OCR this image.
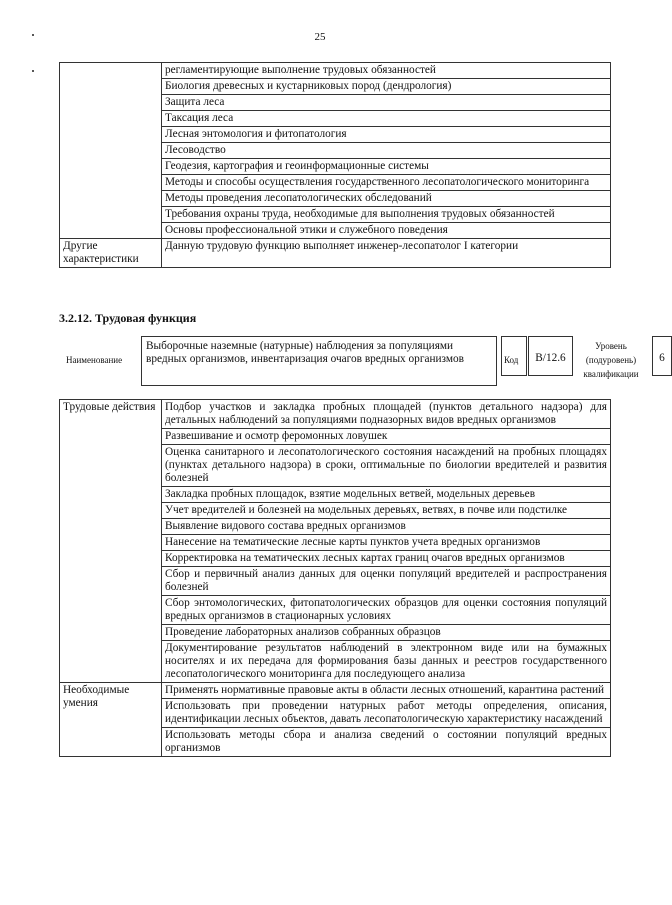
25
	регламентирующие выполнение трудовых обязанностей
	Биология древесных и кустарниковых пород (дендрология)
	Защита леса
	Таксация леса
	Лесная энтомология и фитопатология
	Лесоводство
	Геодезия, картография и геоинформационные системы
	Методы и способы осуществления государственного лесопатологического мониторинга
	Методы проведения лесопатологических обследований
	Требования охраны труда, необходимые для выполнения трудовых обязанностей
	Основы профессиональной этики и служебного поведения
Другие характеристики	Данную трудовую функцию выполняет инженер-лесопатолог I категории
3.2.12. Трудовая функция
Наименование
Выборочные наземные (натурные) наблюдения за популяциями вредных организмов, инвентаризация очагов вредных организмов	Код	B/12.6
Уровень (подуровень) квалификации
6
Трудовые действия	Подбор участков и закладка пробных площадей (пунктов детального надзора) для детальных наблюдений за популяциями подназорных видов вредных организмов
	Развешивание и осмотр феромонных ловушек
	Оценка санитарного и лесопатологического состояния насаждений на пробных площадях (пунктах детального надзора) в сроки, оптимальные по биологии вредителей и развития болезней
	Закладка пробных площадок, взятие модельных ветвей, модельных деревьев
	Учет вредителей и болезней на модельных деревьях, ветвях, в почве или подстилке
	Выявление видового состава вредных организмов
	Нанесение на тематические лесные карты пунктов учета вредных организмов
	Корректировка на тематических лесных картах границ очагов вредных организмов
	Сбор и первичный анализ данных для оценки популяций вредителей и распространения болезней
	Сбор энтомологических, фитопатологических образцов для оценки состояния популяций вредных организмов в стационарных условиях
	Проведение лабораторных анализов собранных образцов
	Документирование результатов наблюдений в электронном виде или на бумажных носителях и их передача для формирования базы данных и реестров государственного лесопатологического мониторинга для последующего анализа
Необходимые умения	Применять нормативные правовые акты в области лесных отношений, карантина растений
	Использовать при проведении натурных работ методы определения, описания, идентификации лесных объектов, давать лесопатологическую характеристику насаждений
	Использовать методы сбора и анализа сведений о состоянии популяций вредных организмов
